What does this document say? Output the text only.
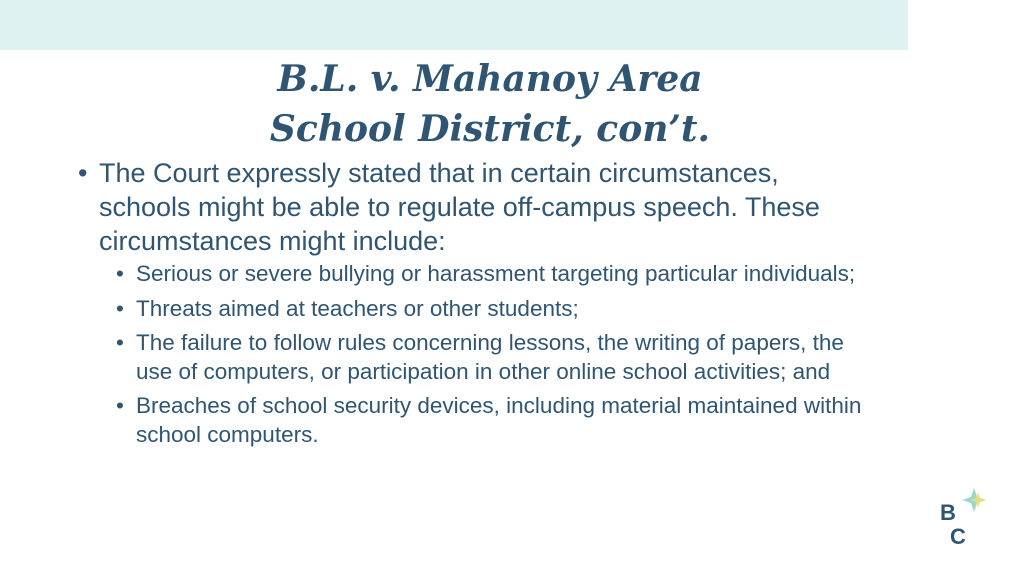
B.L. v. Mahanoy Area
School District, con’t.
• The Court expressly stated that in certain circumstances, schools might be able to regulate off-campus speech. These circumstances might include:
• Serious or severe bullying or harassment targeting particular individuals;
• Threats aimed at teachers or other students;
• The failure to follow rules concerning lessons, the writing of papers, the use of computers, or participation in other online school activities; and
• Breaches of school security devices, including material maintained within school computers.
B
C
